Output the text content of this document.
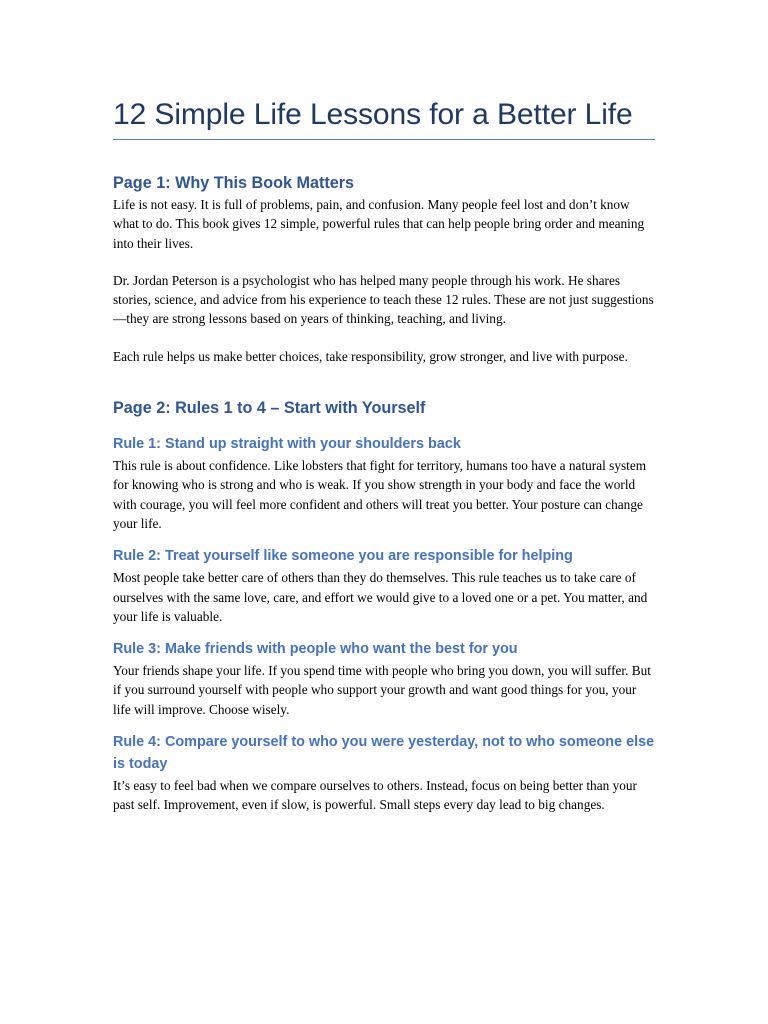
12 Simple Life Lessons for a Better Life
Page 1: Why This Book Matters

Life is not easy. It is full of problems, pain, and confusion. Many people feel lost and don’t know what to do. This book gives 12 simple, powerful rules that can help people bring order and meaning into their lives.

Dr. Jordan Peterson is a psychologist who has helped many people through his work. He shares stories, science, and advice from his experience to teach these 12 rules. These are not just suggestions—they are strong lessons based on years of thinking, teaching, and living.

Each rule helps us make better choices, take responsibility, grow stronger, and live with purpose.

Page 2: Rules 1 to 4 – Start with Yourself
Rule 1: Stand up straight with your shoulders back

This rule is about confidence. Like lobsters that fight for territory, humans too have a natural system for knowing who is strong and who is weak. If you show strength in your body and face the world with courage, you will feel more confident and others will treat you better. Your posture can change your life.

Rule 2: Treat yourself like someone you are responsible for helping

Most people take better care of others than they do themselves. This rule teaches us to take care of ourselves with the same love, care, and effort we would give to a loved one or a pet. You matter, and your life is valuable.

Rule 3: Make friends with people who want the best for you

Your friends shape your life. If you spend time with people who bring you down, you will suffer. But if you surround yourself with people who support your growth and want good things for you, your life will improve. Choose wisely.

Rule 4: Compare yourself to who you were yesterday, not to who someone else is today

It’s easy to feel bad when we compare ourselves to others. Instead, focus on being better than your past self. Improvement, even if slow, is powerful. Small steps every day lead to big changes.
